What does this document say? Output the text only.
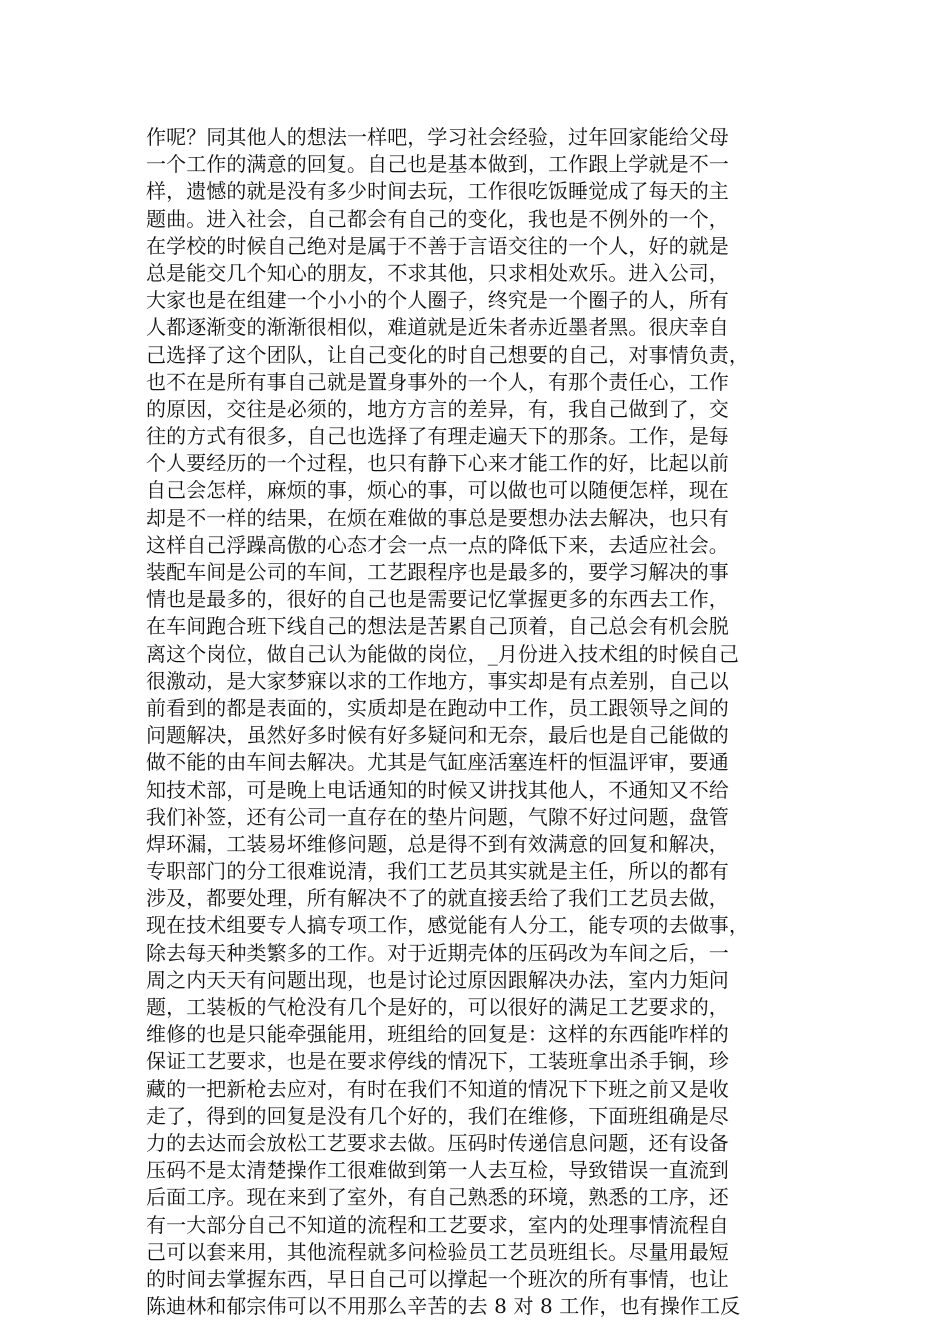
作呢？同其他人的想法一样吧，学习社会经验，过年回家能给父母
一个工作的满意的回复。自己也是基本做到，工作跟上学就是不一
样，遗憾的就是没有多少时间去玩，工作很吃饭睡觉成了每天的主
题曲。进入社会，自己都会有自己的变化，我也是不例外的一个，
在学校的时候自己绝对是属于不善于言语交往的一个人，好的就是
总是能交几个知心的朋友，不求其他，只求相处欢乐。进入公司，
大家也是在组建一个小小的个人圈子，终究是一个圈子的人，所有
人都逐渐变的渐渐很相似，难道就是近朱者赤近墨者黑。很庆幸自
己选择了这个团队，让自己变化的时自己想要的自己，对事情负责，
也不在是所有事自己就是置身事外的一个人，有那个责任心，工作
的原因，交往是必须的，地方方言的差异，有，我自己做到了，交
往的方式有很多，自己也选择了有理走遍天下的那条。工作，是每
个人要经历的一个过程，也只有静下心来才能工作的好，比起以前
自己会怎样，麻烦的事，烦心的事，可以做也可以随便怎样，现在
却是不一样的结果，在烦在难做的事总是要想办法去解决，也只有
这样自己浮躁高傲的心态才会一点一点的降低下来，去适应社会。
装配车间是公司的车间，工艺跟程序也是最多的，要学习解决的事
情也是最多的，很好的自己也是需要记忆掌握更多的东西去工作，
在车间跑合班下线自己的想法是苦累自己顶着，自己总会有机会脱
离这个岗位，做自己认为能做的岗位，_月份进入技术组的时候自己
很激动，是大家梦寐以求的工作地方，事实却是有点差别，自己以
前看到的都是表面的，实质却是在跑动中工作，员工跟领导之间的
问题解决，虽然好多时候有好多疑问和无奈，最后也是自己能做的
做不能的由车间去解决。尤其是气缸座活塞连杆的恒温评审，要通
知技术部，可是晚上电话通知的时候又讲找其他人，不通知又不给
我们补签，还有公司一直存在的垫片问题，气隙不好过问题，盘管
焊环漏，工装易坏维修问题，总是得不到有效满意的回复和解决，
专职部门的分工很难说清，我们工艺员其实就是主任，所以的都有
涉及，都要处理，所有解决不了的就直接丢给了我们工艺员去做，
现在技术组要专人搞专项工作，感觉能有人分工，能专项的去做事，
除去每天种类繁多的工作。对于近期壳体的压码改为车间之后，一
周之内天天有问题出现，也是讨论过原因跟解决办法，室内力矩问
题，工装板的气枪没有几个是好的，可以很好的满足工艺要求的，
维修的也是只能牵强能用，班组给的回复是：这样的东西能咋样的
保证工艺要求，也是在要求停线的情况下，工装班拿出杀手锏，珍
藏的一把新枪去应对，有时在我们不知道的情况下下班之前又是收
走了，得到的回复是没有几个好的，我们在维修，下面班组确是尽
力的去达而会放松工艺要求去做。压码时传递信息问题，还有设备
压码不是太清楚操作工很难做到第一人去互检，导致错误一直流到
后面工序。现在来到了室外，有自己熟悉的环境，熟悉的工序，还
有一大部分自己不知道的流程和工艺要求，室内的处理事情流程自
己可以套来用，其他流程就多问检验员工艺员班组长。尽量用最短
的时间去掌握东西，早日自己可以撑起一个班次的所有事情，也让
陈迪林和郁宗伟可以不用那么辛苦的去 8 对 8 工作，也有操作工反
